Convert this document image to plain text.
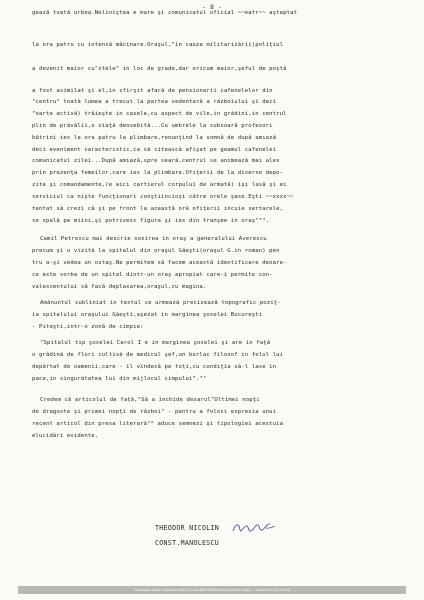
- 8 -
gează toată urbea.Neliniştea e mare şi comunicatul oficial ~~eatr~~ aşteptat
la ora patru cu intensă măcinare.Oraşul,"in cauza militarizării(poliţiul
a devenit maior cu"stele" in loc de grade,dar oricum maior,şeful de poştă
a fost asimilat şi el,in sfirşit afară de pensionarii cafenelelor din
"centru" toată lumea a trecut la partea sedentară a războiului şi deci
"oarte activă) trăieşte in casele,cu aspect de vile,in grădini,in centrul
plin de prăvălii,o viaţă deosebită...Cu umbrele la subsoară profesori
bătrini ies la ora patru la plimbare,renunţind la somnă de după amiază
deci eveniment caracteristic,ca să citească afişat pe geamul cafenelei
comunicatul zilei...După amiază,spre seară,centrul se animează mai ales
prin prezenţa femeilor,care ies la plimbare.Ofiţerii de la diverse depo-
zite şi comandamente,(e aici cartierul corpului de armată) işi lasă şi ei
serviciul ca nişte funcţionari conştiincioşi către orele şase.Eşti ~~xxxx~~
tentat să crezi că şi pe front la această oră ofiţerii incuie sertarele,
se spală pe miini,şi potrivesc figura şi ies din tranşee in oraş"³⁴.
Camil Petrescu mai descrie sosirea in oraş a generalului Averescu
precum şi o vizită la spitalul din oraşul Găeşti(oraşul G.in roman) pen
tru a-şi vedea un ostaş.Ne permitem să facem această identificare deoare-
ce este vorba de un spital dintr-un oraş apropiat care-i permite con-
valescentului să facă deplasarea,oraşul,cu magina.
Amănuntul subliniat in textul ce urmează precizează topografic poziţ-
ia spitalului oraşului Găeşti,aşezat in marginea şoselei Bucureşti
- Piteşti,intr-o zonă de cimpie:
"Spitalul tip şoselei Carol I e in marginea şoselei şi are in faţă
o grădină de flori cultivă de medicul şef,un burlac filozof in felul lui
depărtat de oamenii,care - il vindecă pe toţi,cu condiţia să-l lase in
pace,in singurătatea lui din mijlocul cimpului".³⁵
Credem că articolul de faţă,"Să a inchide desarul"Ultimei nopţi
de dragoste şi primei nopţi de război" - pentru a folosi expresia unui
recent articol din presa literară³⁶ aduce semnezi şi tipologiei acestuia
elucidări evidente.
THEODOR NICOLIN
CONST.MANOLESCU
Procesată după originalul aflat în colecţiile Bibliotecii Judeţene Argeş — document de arhivă
